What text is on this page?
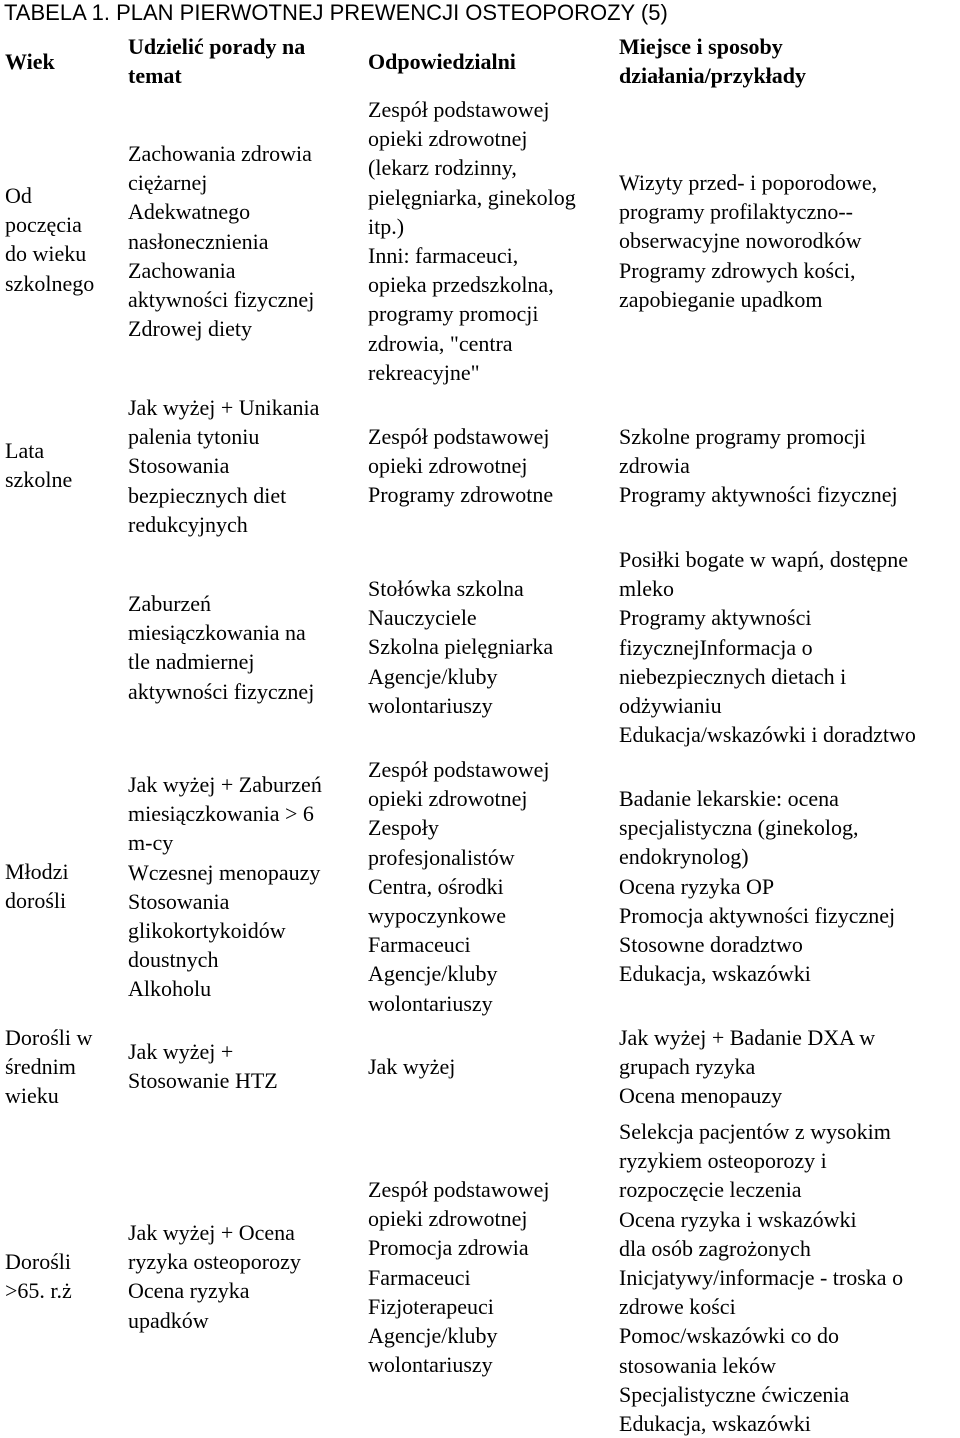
TABELA 1. PLAN PIERWOTNEJ PREWENCJI OSTEOPOROZY (5)
Wiek
Udzielić porady na
temat
Odpowiedzialni
Miejsce i sposoby
działania/przykłady
Od
poczęcia
do wieku
szkolnego
Zachowania zdrowia
ciężarnej
Adekwatnego
nasłonecznienia
Zachowania
aktywności fizycznej
Zdrowej diety
Zespół podstawowej
opieki zdrowotnej
(lekarz rodzinny,
pielęgniarka, ginekolog
itp.)
Inni: farmaceuci,
opieka przedszkolna,
programy promocji
zdrowia, "centra
rekreacyjne"
Wizyty przed- i poporodowe,
programy profilaktyczno--
obserwacyjne noworodków
Programy zdrowych kości,
zapobieganie upadkom
Lata
szkolne
Jak wyżej + Unikania
palenia tytoniu
Stosowania
bezpiecznych diet
redukcyjnych
Zespół podstawowej
opieki zdrowotnej
Programy zdrowotne
Szkolne programy promocji
zdrowia
Programy aktywności fizycznej
Zaburzeń
miesiączkowania na
tle nadmiernej
aktywności fizycznej
Stołówka szkolna
Nauczyciele
Szkolna pielęgniarka
Agencje/kluby
wolontariuszy
Posiłki bogate w wapń, dostępne
mleko
Programy aktywności
fizycznejInformacja o
niebezpiecznych dietach i
odżywianiu
Edukacja/wskazówki i doradztwo
Młodzi
dorośli
Jak wyżej + Zaburzeń
miesiączkowania > 6
m-cy
Wczesnej menopauzy
Stosowania
glikokortykoidów
doustnych
Alkoholu
Zespół podstawowej
opieki zdrowotnej
Zespoły
profesjonalistów
Centra, ośrodki
wypoczynkowe
Farmaceuci
Agencje/kluby
wolontariuszy
Badanie lekarskie: ocena
specjalistyczna (ginekolog,
endokrynolog)
Ocena ryzyka OP
Promocja aktywności fizycznej
Stosowne doradztwo
Edukacja, wskazówki
Dorośli w
średnim
wieku
Jak wyżej +
Stosowanie HTZ
Jak wyżej
Jak wyżej + Badanie DXA w
grupach ryzyka
Ocena menopauzy
Dorośli
>65. r.ż
Jak wyżej + Ocena
ryzyka osteoporozy
Ocena ryzyka
upadków
Zespół podstawowej
opieki zdrowotnej
Promocja zdrowia
Farmaceuci
Fizjoterapeuci
Agencje/kluby
wolontariuszy
Selekcja pacjentów z wysokim
ryzykiem osteoporozy i
rozpoczęcie leczenia
Ocena ryzyka i wskazówki
dla osób zagrożonych
Inicjatywy/informacje - troska o
zdrowe kości
Pomoc/wskazówki co do
stosowania leków
Specjalistyczne ćwiczenia
Edukacja, wskazówki
